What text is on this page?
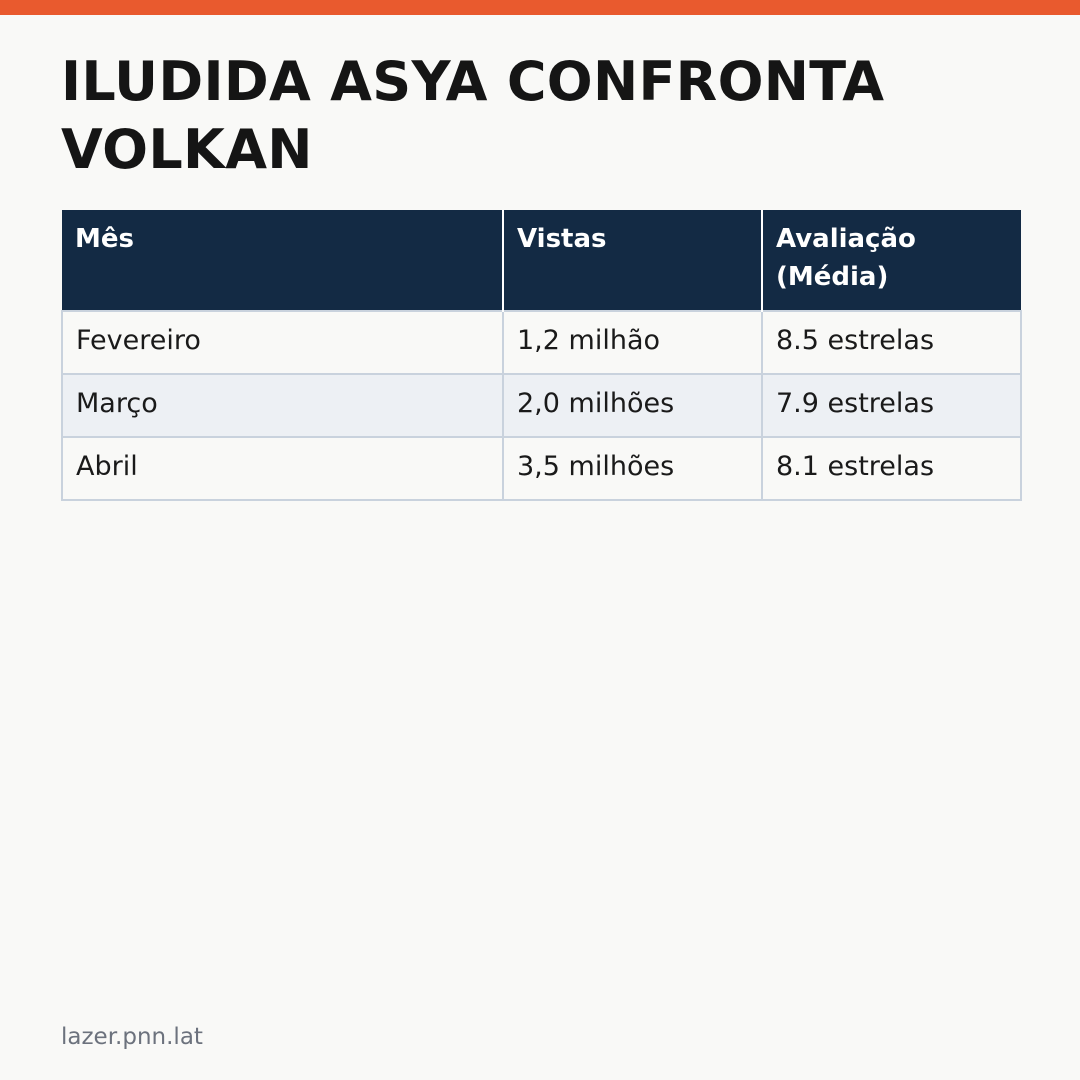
ILUDIDA ASYA CONFRONTA VOLKAN
Mês	Vistas	Avaliação (Média)
Fevereiro	1,2 milhão	8.5 estrelas
Março	2,0 milhões	7.9 estrelas
Abril	3,5 milhões	8.1 estrelas
lazer.pnn.lat
